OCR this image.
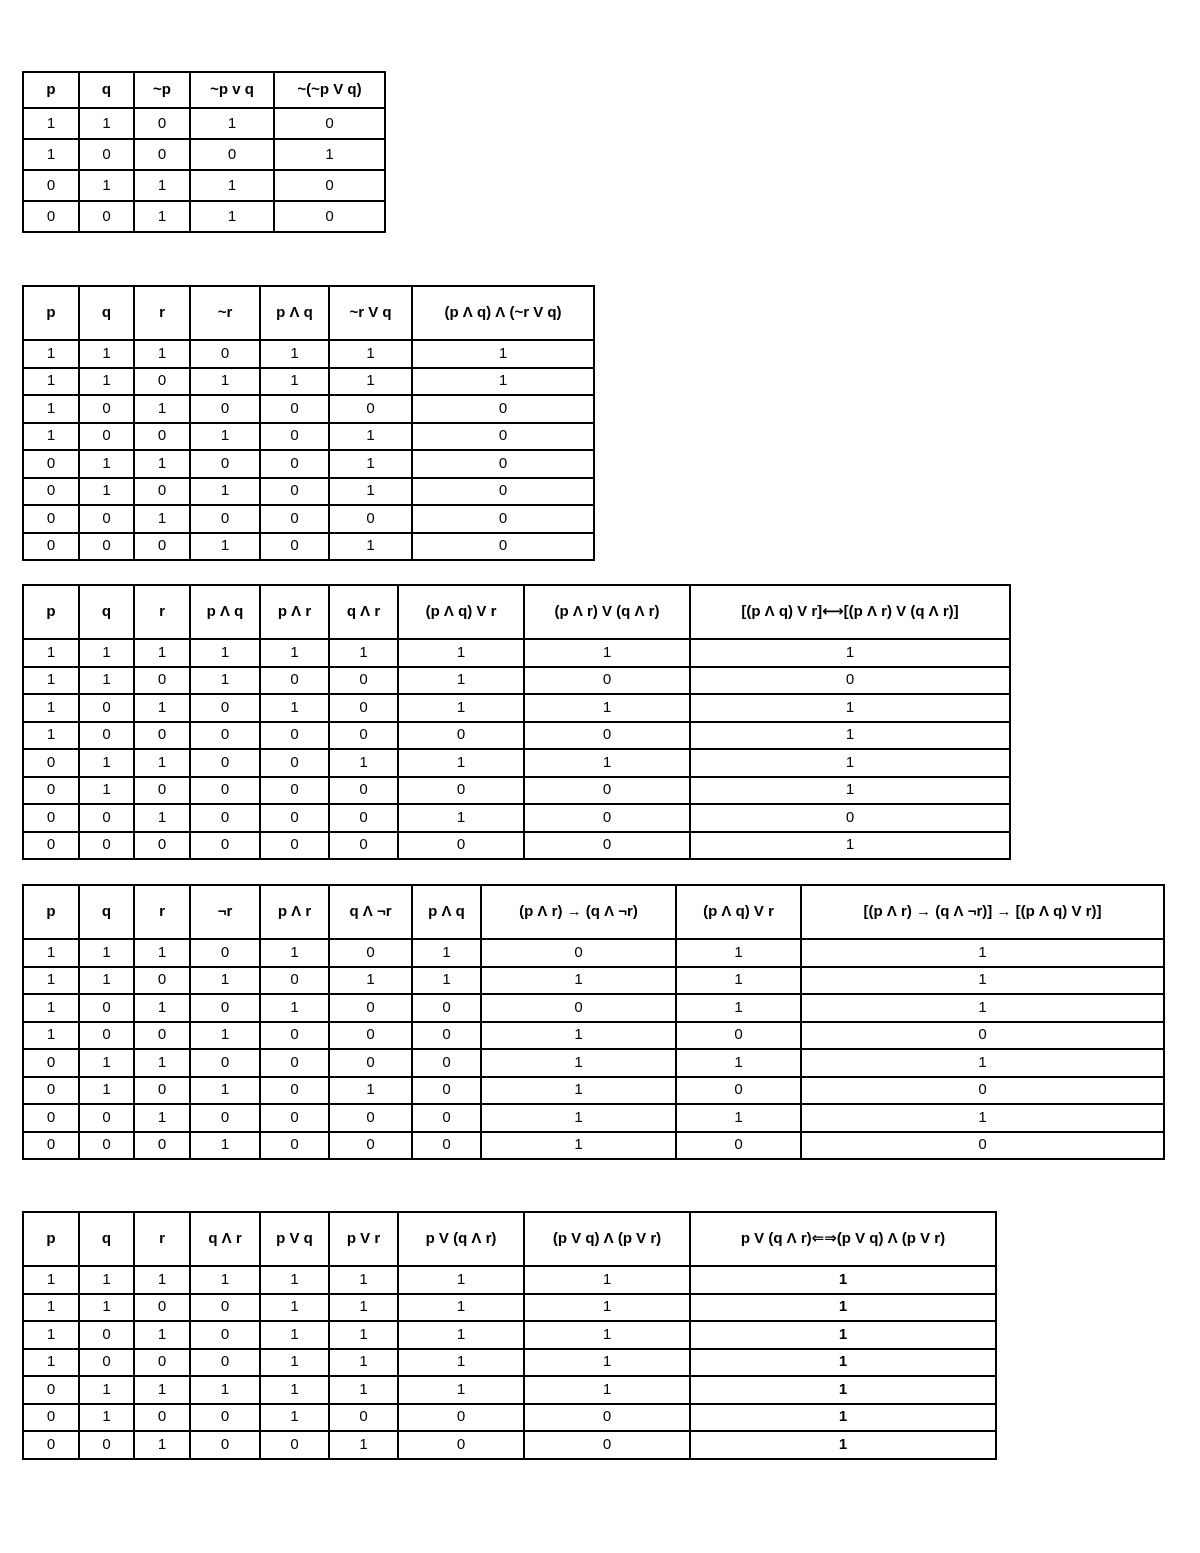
p	q	~p	~p v q	~(~p V q)
1	1	0	1	0
1	0	0	0	1
0	1	1	1	0
0	0	1	1	0
p	q	r	~r	p Λ q	~r V q	(p Λ q) Λ (~r V q)
1	1	1	0	1	1	1
1	1	0	1	1	1	1
1	0	1	0	0	0	0
1	0	0	1	0	1	0
0	1	1	0	0	1	0
0	1	0	1	0	1	0
0	0	1	0	0	0	0
0	0	0	1	0	1	0
p	q	r	p Λ q	p Λ r	q Λ r	(p Λ q) V r	(p Λ r) V (q Λ r)	[(p Λ q) V r]⟷[(p Λ r) V (q Λ r)]
1	1	1	1	1	1	1	1	1
1	1	0	1	0	0	1	0	0
1	0	1	0	1	0	1	1	1
1	0	0	0	0	0	0	0	1
0	1	1	0	0	1	1	1	1
0	1	0	0	0	0	0	0	1
0	0	1	0	0	0	1	0	0
0	0	0	0	0	0	0	0	1
p	q	r	¬r	p Λ r	q Λ ¬r	p Λ q	(p Λ r) → (q Λ ¬r)	(p Λ q) V r	[(p Λ r) → (q Λ ¬r)] → [(p Λ q) V r)]
1	1	1	0	1	0	1	0	1	1
1	1	0	1	0	1	1	1	1	1
1	0	1	0	1	0	0	0	1	1
1	0	0	1	0	0	0	1	0	0
0	1	1	0	0	0	0	1	1	1
0	1	0	1	0	1	0	1	0	0
0	0	1	0	0	0	0	1	1	1
0	0	0	1	0	0	0	1	0	0
p	q	r	q Λ r	p V q	p V r	p V (q Λ r)	(p V q) Λ (p V r)	p V (q Λ r)⇐⇒(p V q) Λ (p V r)
1	1	1	1	1	1	1	1	1
1	1	0	0	1	1	1	1	1
1	0	1	0	1	1	1	1	1
1	0	0	0	1	1	1	1	1
0	1	1	1	1	1	1	1	1
0	1	0	0	1	0	0	0	1
0	0	1	0	0	1	0	0	1
